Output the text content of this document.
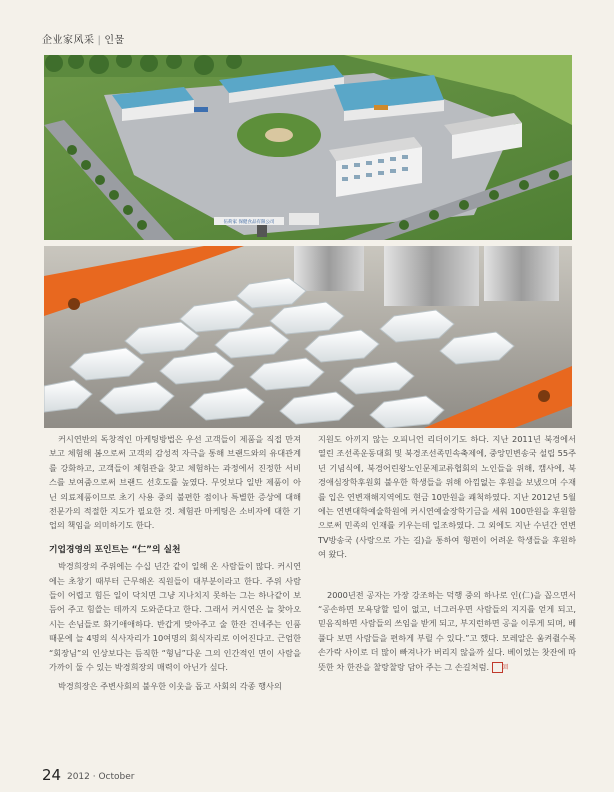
企业家风采 | 인물
伍荷家 保健食品有限公司

커시연반의 독창적인 마케팅방법은 우선 고객들이 제품을 직접 만져보고 체험해 봄으로써 고객의 감성적 자극을 통해 브랜드와의 유대관계를 강화하고, 고객들이 체험관을 찾고 체험하는 과정에서 진정한 서비스를 보여줌으로써 브랜드 선호도를 높였다. 무엇보다 일반 제품이 아닌 의료제품이므로 초기 사용 중의 불편한 점이나 특별한 증상에 대해 전문가의 적절한 지도가 필요한 것. 체험관 마케팅은 소비자에 대한 기업의 책임을 의미하기도 한다.

기업경영의 포인트는 “仁”의 실천

박경희장의 주위에는 수십 년간 같이 일해 온 사람들이 많다. 커시연에는 초창기 때부터 근무해온 직원들이 대부분이라고 한다. 주위 사람들이 어렵고 힘든 일이 닥치면 그냥 지나치지 못하는 그는 하나같이 보듬어 주고 힘쓸는 데까지 도와준다고 한다. 그래서 커시연은 늘 찾아오시는 손님들로 화기애애하다. 반갑게 맞아주고 술 한잔 건네주는 인품 때문에 늘 4명의 식사자리가 10여명의 회식자리로 이어진다고. 근엄한 “회장님”의 인상보다는 듬직한 “형님”다운 그의 인간적인 면이 사람을 가까이 둘 수 있는 박경희장의 매력이 아닌가 싶다.

박경희장은 주변사회의 불우한 이웃을 돕고 사회의 각종 행사의

지원도 아끼지 않는 오피니언 리더이기도 하다. 지난 2011년 북경에서 열린 조선족운동대회 및 북경조선족민속축제에, 중앙민변송국 설립 55주년 기념식에, 북경어린왕노인문제교류협회의 노인들을 위해, 캠사에, 북경애심장학후원회 불우한 학생들을 위해 아낌없는 후원을 보냈으며 수재를 입은 연변재해지역에도 현금 10만원을 쾌척하였다. 지난 2012년 5월에는 연변대학예술학원에 커시연예술장학기금을 세워 100만원을 후원함으로써 민족의 인재를 키우는데 일조하였다. 그 외에도 지난 수년간 연변TV방송국 (사랑으로 가는 길)을 통하여 형편이 어려운 학생들을 후원하여 왔다.

2000년전 공자는 가장 강조하는 덕행 중의 하나로 인(仁)을 꼽으면서 “공손하면 모욕당할 일이 없고, 너그러우면 사람들의 지지를 얻게 되고, 믿음직하면 사람들의 쓰임을 받게 되고, 부지런하면 공을 이루게 되며, 베풀다 보면 사람들을 편하게 부릴 수 있다.”고 했다. 모레알은 움켜쥘수록 손가락 사이로 더 많이 빠져나가 버리지 않을까 싶다. 베이었는 찻잔에 따뜻한 차 한잔을 찰랑찰랑 담아 주는 그 손길처럼. 回

24 2012 · October
